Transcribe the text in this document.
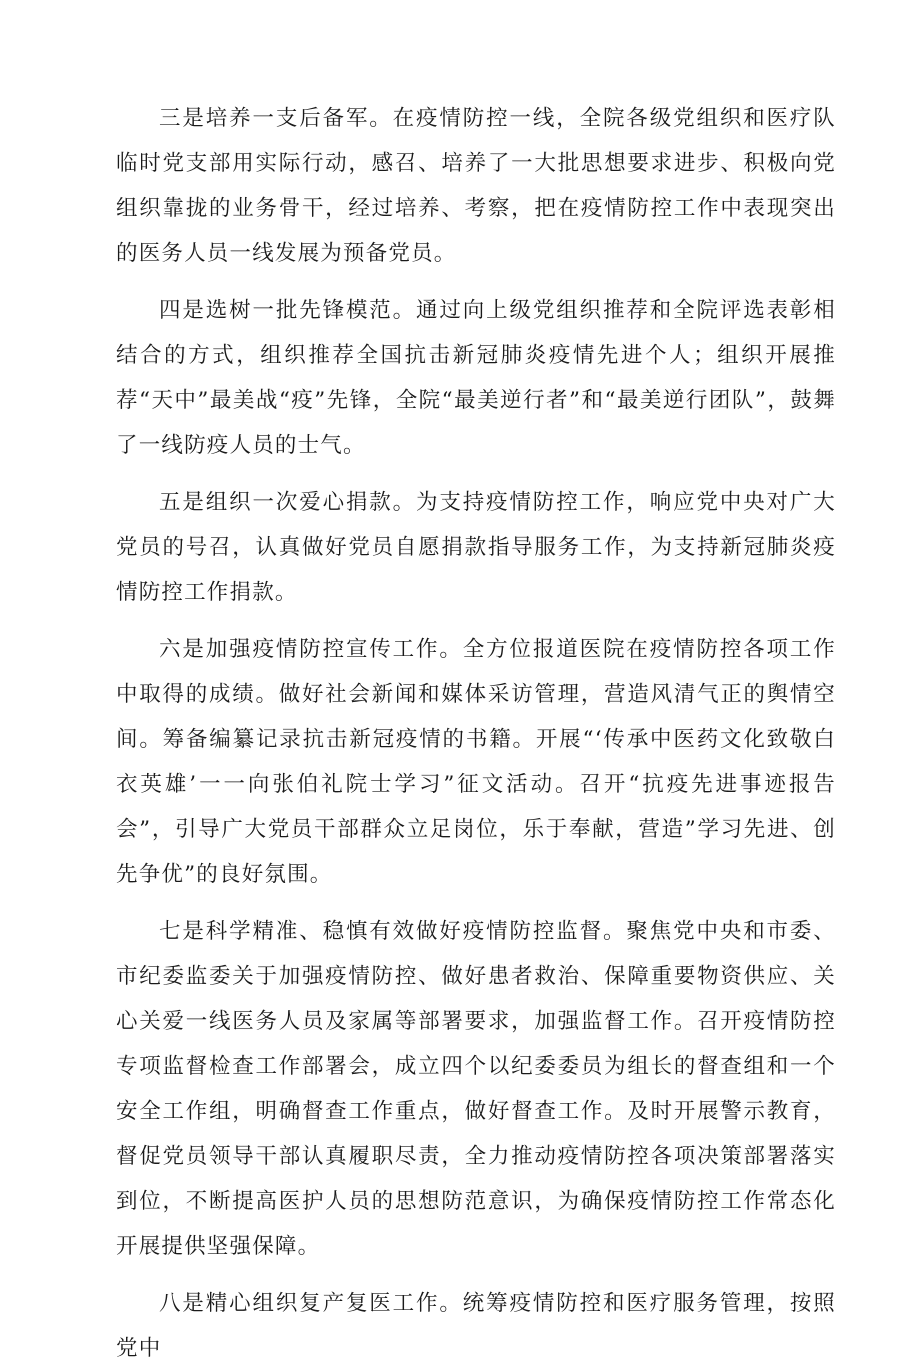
三是培养一支后备军。在疫情防控一线，全院各级党组织和医疗队临时党支部用实际行动，感召、培养了一大批思想要求进步、积极向党组织靠拢的业务骨干，经过培养、考察，把在疫情防控工作中表现突出的医务人员一线发展为预备党员。

四是选树一批先锋模范。通过向上级党组织推荐和全院评选表彰相结合的方式，组织推荐全国抗击新冠肺炎疫情先进个人；组织开展推荐“天中”最美战“疫”先锋，全院“最美逆行者”和“最美逆行团队”，鼓舞了一线防疫人员的士气。

五是组织一次爱心捐款。为支持疫情防控工作，响应党中央对广大党员的号召，认真做好党员自愿捐款指导服务工作，为支持新冠肺炎疫情防控工作捐款。

六是加强疫情防控宣传工作。全方位报道医院在疫情防控各项工作中取得的成绩。做好社会新闻和媒体采访管理，营造风清气正的舆情空间。筹备编纂记录抗击新冠疫情的书籍。开展“‘传承中医药文化致敬白衣英雄’一一向张伯礼院士学习”征文活动。召开“抗疫先进事迹报告会”，引导广大党员干部群众立足岗位，乐于奉献，营造”学习先进、创先争优”的良好氛围。

七是科学精准、稳慎有效做好疫情防控监督。聚焦党中央和市委、市纪委监委关于加强疫情防控、做好患者救治、保障重要物资供应、关心关爱一线医务人员及家属等部署要求，加强监督工作。召开疫情防控专项监督检查工作部署会，成立四个以纪委委员为组长的督查组和一个安全工作组，明确督查工作重点，做好督查工作。及时开展警示教育，督促党员领导干部认真履职尽责，全力推动疫情防控各项决策部署落实到位，不断提高医护人员的思想防范意识，为确保疫情防控工作常态化开展提供坚强保障。

八是精心组织复产复医工作。统筹疫情防控和医疗服务管理，按照党中
